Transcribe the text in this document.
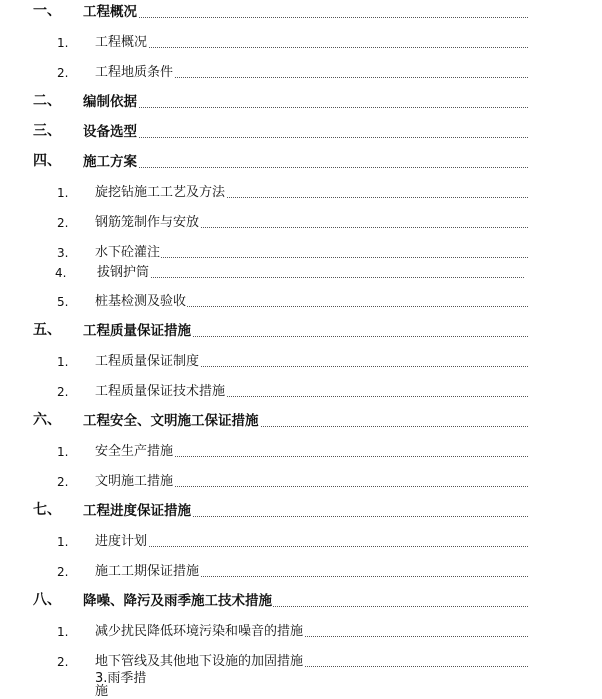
一、 工程概况
1. 工程概况
2. 工程地质条件
二、 编制依据
三、 设备选型
四、 施工方案
1. 旋挖钻施工工艺及方法
2. 钢筋笼制作与安放
3. 水下砼灌注
4. 拔钢护筒
5. 桩基检测及验收
五、 工程质量保证措施
1. 工程质量保证制度
2. 工程质量保证技术措施
六、 工程安全、文明施工保证措施
1. 安全生产措施
2. 文明施工措施
七、 工程进度保证措施
1. 进度计划
2. 施工工期保证措施
八、 降噪、降污及雨季施工技术措施
1. 减少扰民降低环境污染和噪音的措施
2. 地下管线及其他地下设施的加固措施
3.雨季措施
